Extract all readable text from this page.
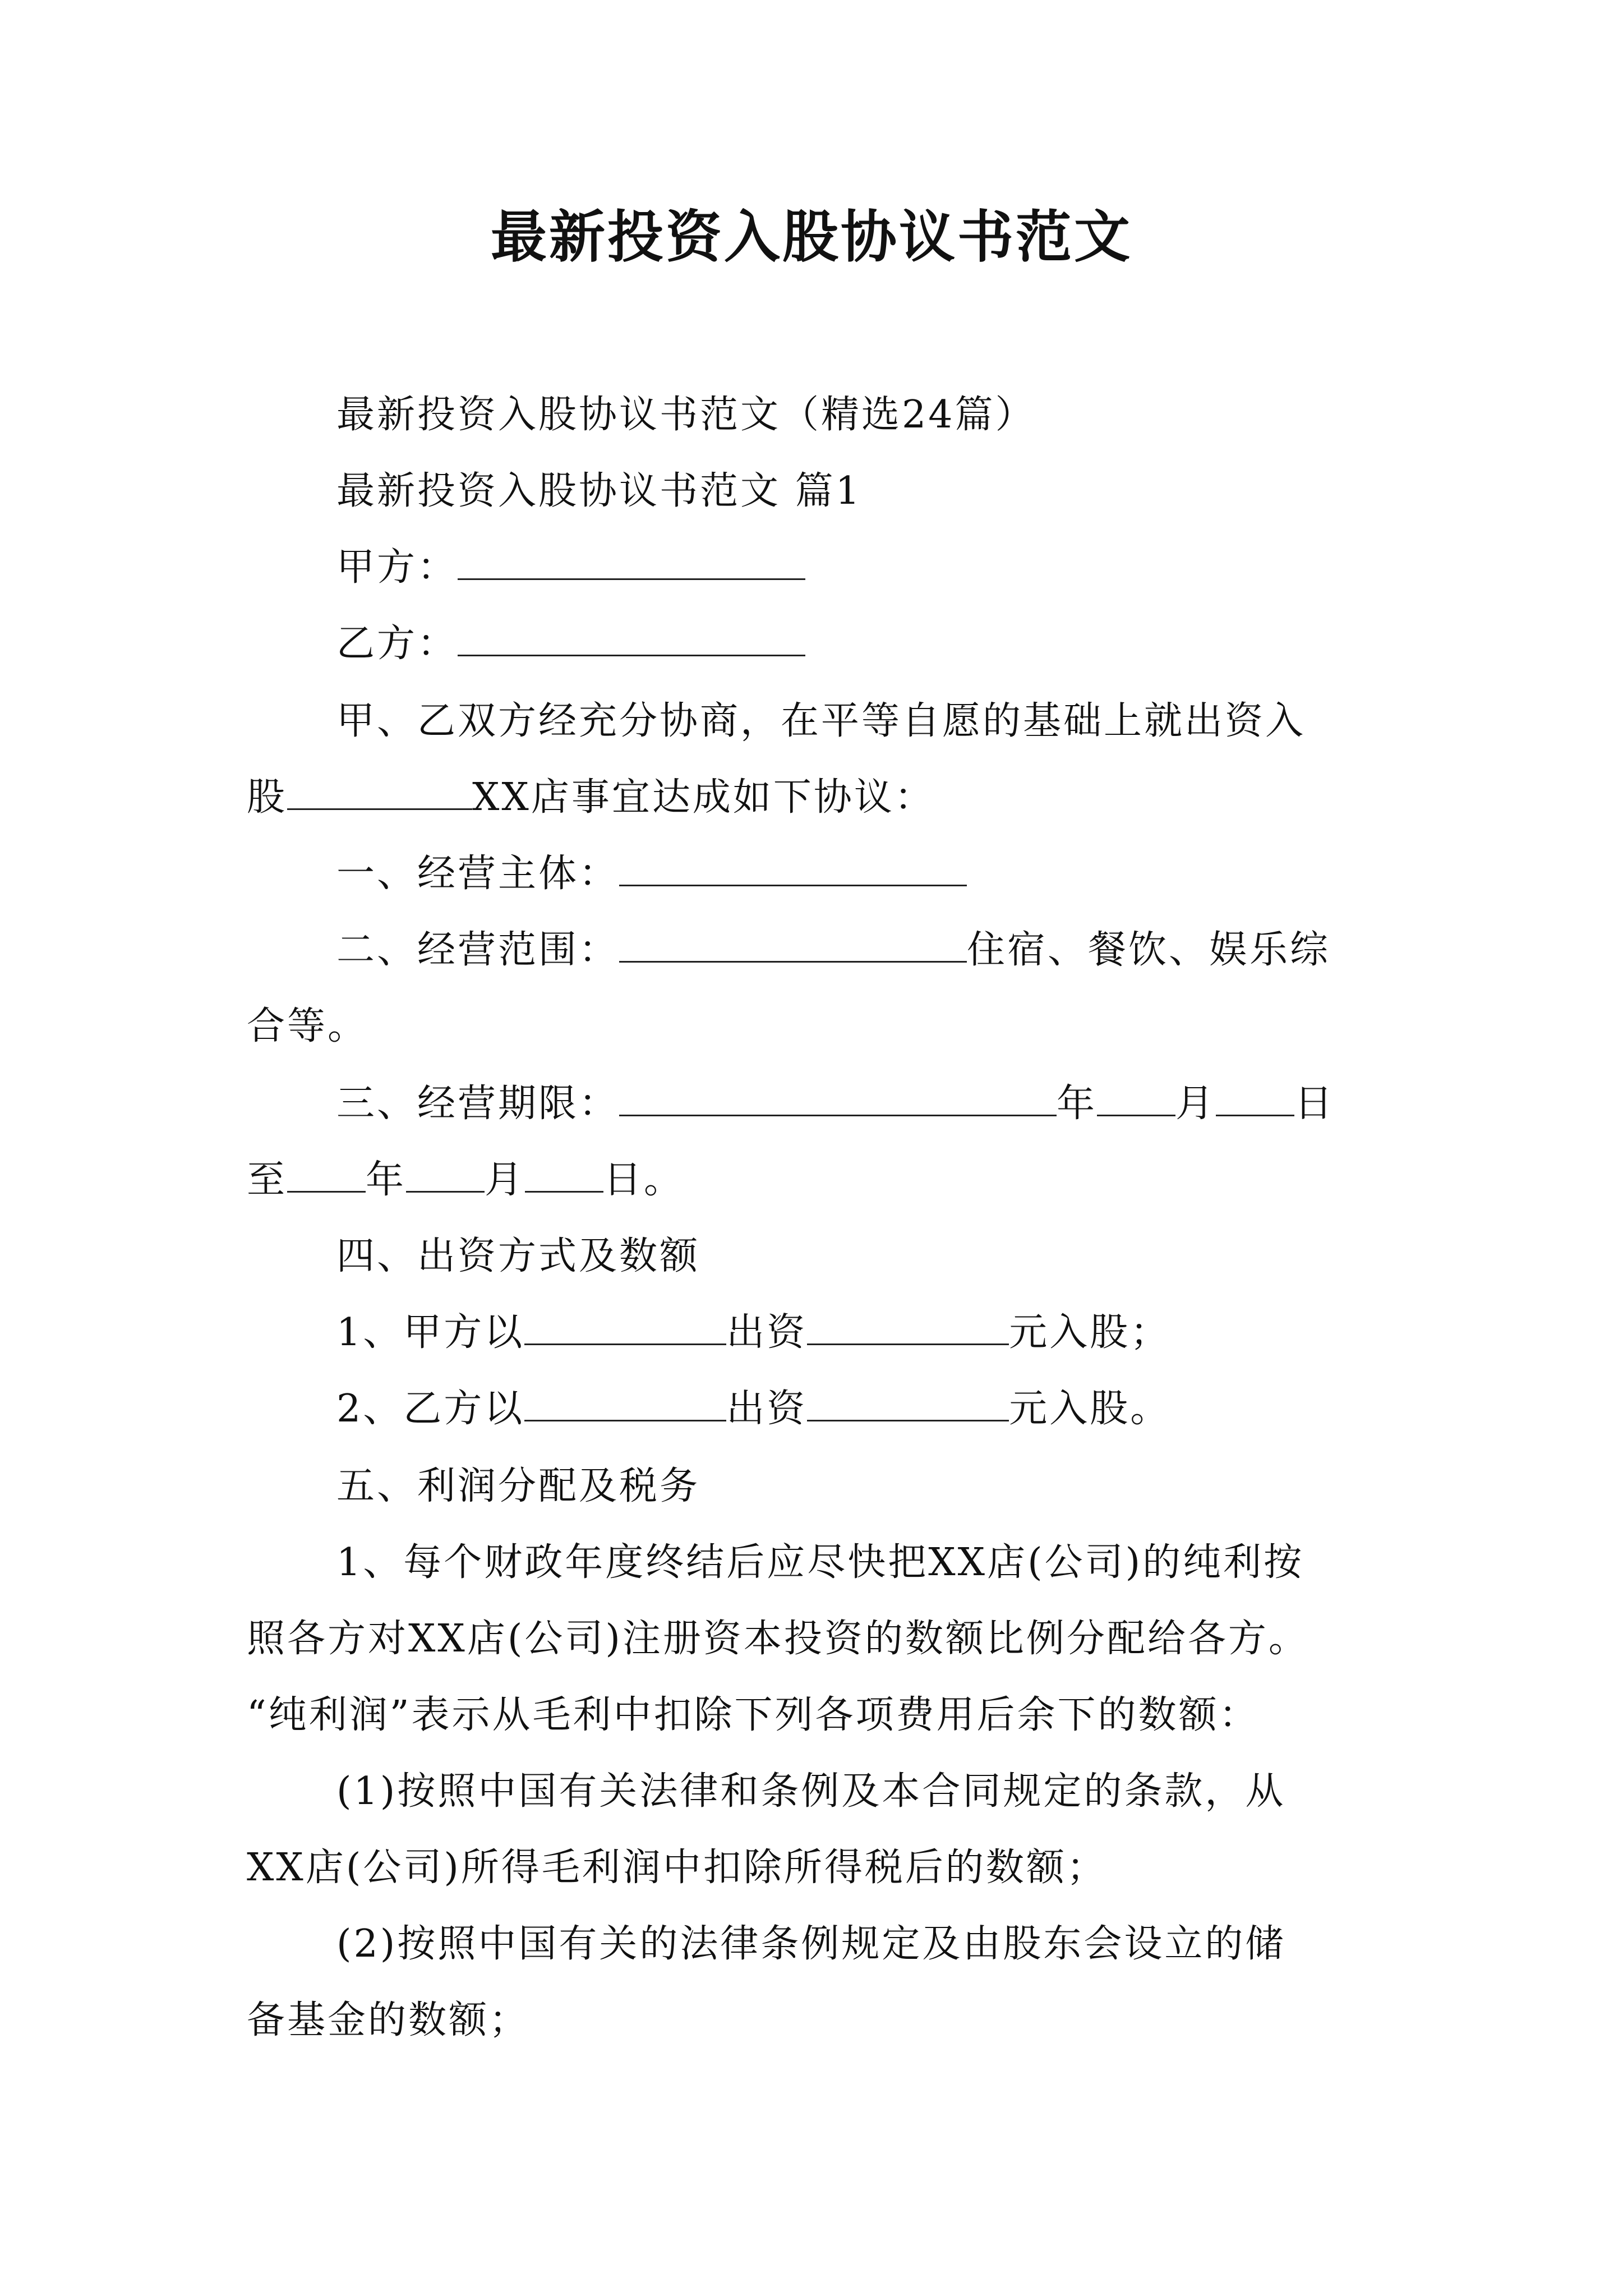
最新投资入股协议书范文
最新投资入股协议书范文（精选24篇）
最新投资入股协议书范文 篇1
甲方：
乙方：
甲、乙双方经充分协商，在平等自愿的基础上就出资入
股	XX店事宜达成如下协议：
一、经营主体：
二、经营范围：	住宿、餐饮、娱乐综
合等。
三、经营期限：	年 月 日
至 年 月 日。
四、出资方式及数额
1、甲方以	出资	元入股；
2、乙方以	出资	元入股。
五、利润分配及税务
1、每个财政年度终结后应尽快把XX店(公司)的纯利按
照各方对XX店(公司)注册资本投资的数额比例分配给各方。
“纯利润”表示从毛利中扣除下列各项费用后余下的数额：
(1)按照中国有关法律和条例及本合同规定的条款，从
XX店(公司)所得毛利润中扣除所得税后的数额；
(2)按照中国有关的法律条例规定及由股东会设立的储
备基金的数额；
